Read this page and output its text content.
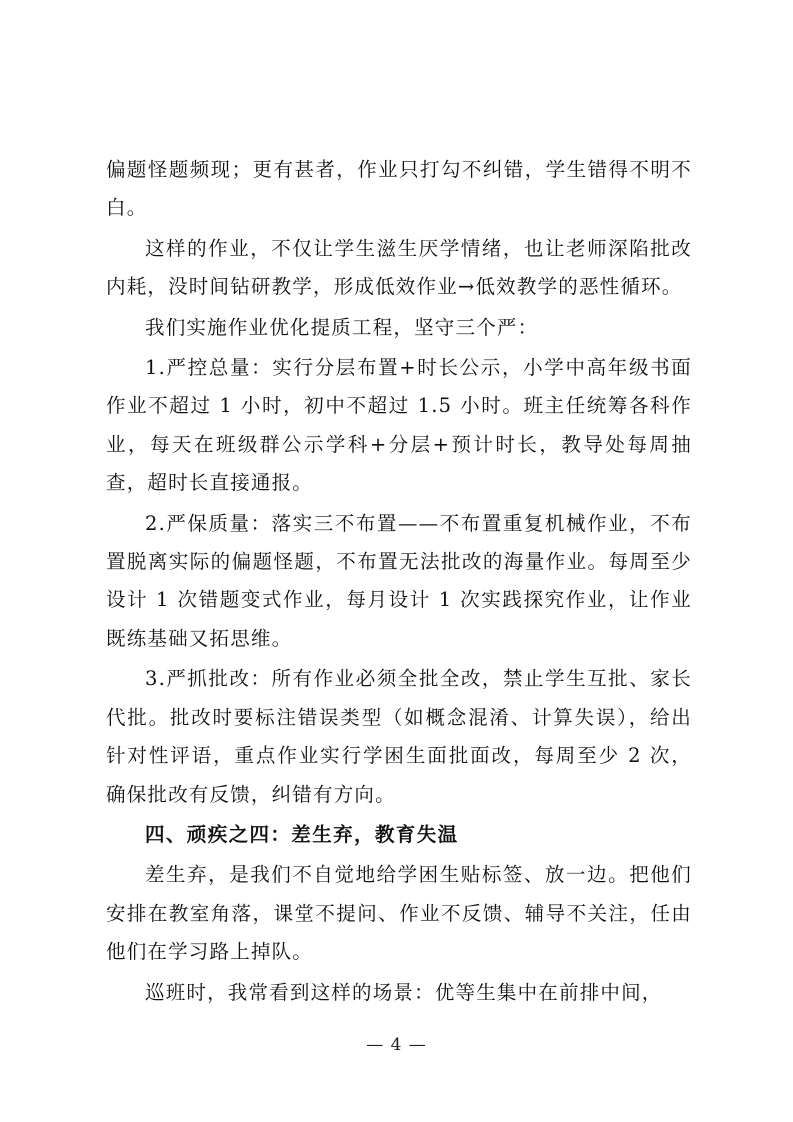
偏题怪题频现；更有甚者，作业只打勾不纠错，学生错得不明不白。

这样的作业，不仅让学生滋生厌学情绪，也让老师深陷批改内耗，没时间钻研教学，形成低效作业→低效教学的恶性循环。

我们实施作业优化提质工程，坚守三个严：

1.严控总量：实行分层布置+时长公示，小学中高年级书面作业不超过 1 小时，初中不超过 1.5 小时。班主任统筹各科作业，每天在班级群公示学科+分层+预计时长，教导处每周抽查，超时长直接通报。

2.严保质量：落实三不布置——不布置重复机械作业，不布置脱离实际的偏题怪题，不布置无法批改的海量作业。每周至少设计 1 次错题变式作业，每月设计 1 次实践探究作业，让作业既练基础又拓思维。

3.严抓批改：所有作业必须全批全改，禁止学生互批、家长代批。批改时要标注错误类型（如概念混淆、计算失误），给出针对性评语，重点作业实行学困生面批面改，每周至少 2 次，确保批改有反馈，纠错有方向。

四、顽疾之四：差生弃，教育失温

差生弃，是我们不自觉地给学困生贴标签、放一边。把他们安排在教室角落，课堂不提问、作业不反馈、辅导不关注，任由他们在学习路上掉队。

巡班时，我常看到这样的场景：优等生集中在前排中间，

— 4 —
